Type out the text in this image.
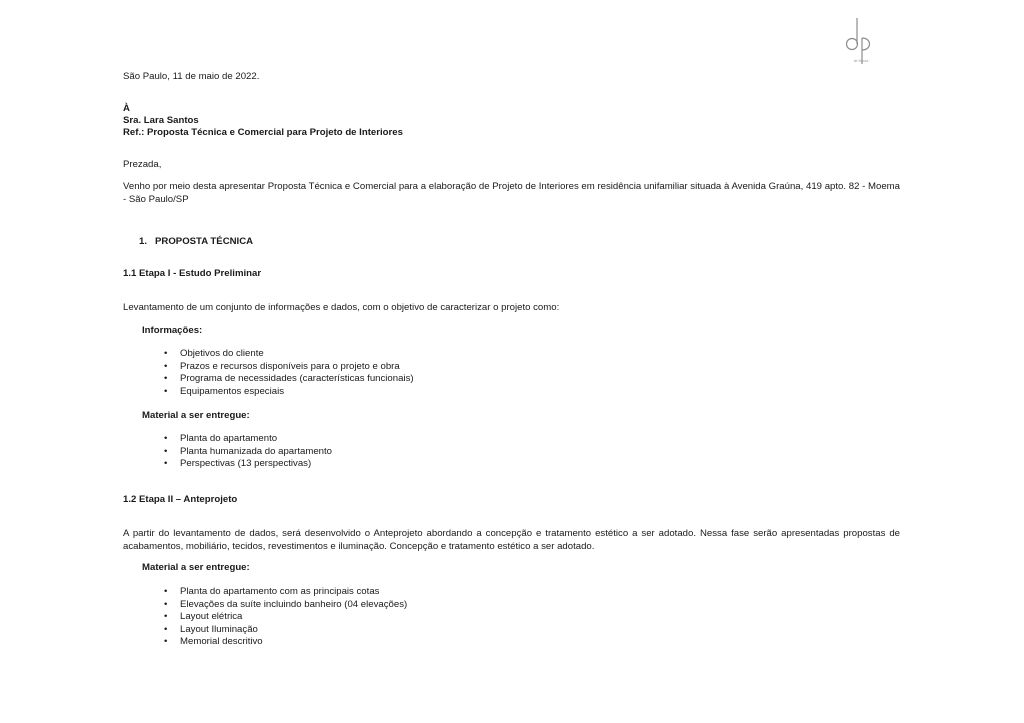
de Moura
São Paulo, 11 de maio de 2022.
À
Sra. Lara Santos
Ref.: Proposta Técnica e Comercial para Projeto de Interiores
Prezada,
Venho por meio desta apresentar Proposta Técnica e Comercial para a elaboração de Projeto de Interiores em residência unifamiliar situada à Avenida Graúna, 419 apto. 82 - Moema - São Paulo/SP
1. PROPOSTA TÉCNICA
1.1 Etapa I - Estudo Preliminar
Levantamento de um conjunto de informações e dados, com o objetivo de caracterizar o projeto como:
Informações:
• Objetivos do cliente
• Prazos e recursos disponíveis para o projeto e obra
• Programa de necessidades (características funcionais)
• Equipamentos especiais
Material a ser entregue:
• Planta do apartamento
• Planta humanizada do apartamento
• Perspectivas (13 perspectivas)
1.2 Etapa II – Anteprojeto
A partir do levantamento de dados, será desenvolvido o Anteprojeto abordando a concepção e tratamento estético a ser adotado. Nessa fase serão apresentadas propostas de acabamentos, mobiliário, tecidos, revestimentos e iluminação. Concepção e tratamento estético a ser adotado.
Material a ser entregue:
• Planta do apartamento com as principais cotas
• Elevações da suíte incluindo banheiro (04 elevações)
• Layout elétrica
• Layout Iluminação
• Memorial descritivo
